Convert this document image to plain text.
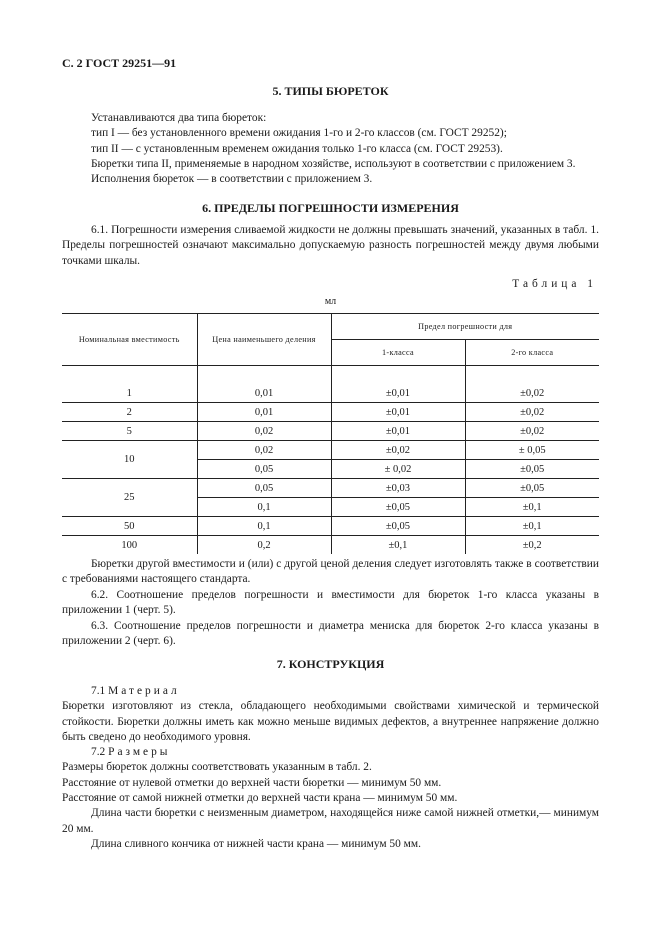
С. 2 ГОСТ 29251—91
5. ТИПЫ БЮРЕТОК
Устанавливаются два типа бюреток:
тип I — без установленного времени ожидания 1-го и 2-го классов (см. ГОСТ 29252);
тип II — с установленным временем ожидания только 1-го класса (см. ГОСТ 29253).
Бюретки типа II, применяемые в народном хозяйстве, используют в соответствии с приложением 3.
Исполнения бюреток — в соответствии с приложением 3.
6. ПРЕДЕЛЫ ПОГРЕШНОСТИ ИЗМЕРЕНИЯ
6.1. Погрешности измерения сливаемой жидкости не должны превышать значений, указанных в табл. 1. Пределы погрешностей означают максимально допускаемую разность погрешностей между двумя любыми точками шкалы.
Таблица 1
мл
Номинальная вместимость	Цена наименьшего деления	Предел погрешности для	
		1-класса	2-го класса

1	0,01	±0,01	±0,02
2	0,01	±0,01	±0,02
5	0,02	±0,01	±0,02
10	0,02	±0,02	± 0,05
	0,05	± 0,02	±0,05
25	0,05	±0,03	±0,05
	0,1	±0,05	±0,1
50	0,1	±0,05	±0,1
100	0,2	±0,1	±0,2
Бюретки другой вместимости и (или) с другой ценой деления следует изготовлять также в соответствии с требованиями настоящего стандарта.
6.2. Соотношение пределов погрешности и вместимости для бюреток 1-го класса указаны в приложении 1 (черт. 5).
6.3. Соотношение пределов погрешности и диаметра мениска для бюреток 2-го класса указаны в приложении 2 (черт. 6).
7. КОНСТРУКЦИЯ
7.1 Материал
Бюретки изготовляют из стекла, обладающего необходимыми свойствами химической и термической стойкости. Бюретки должны иметь как можно меньше видимых дефектов, а внутреннее напряжение должно быть сведено до необходимого уровня.
7.2 Размеры
Размеры бюреток должны соответствовать указанным в табл. 2.
Расстояние от нулевой отметки до верхней части бюретки — минимум 50 мм.
Расстояние от самой нижней отметки до верхней части крана — минимум 50 мм.
Длина части бюретки с неизменным диаметром, находящейся ниже самой нижней отметки,— минимум 20 мм.
Длина сливного кончика от нижней части крана — минимум 50 мм.
